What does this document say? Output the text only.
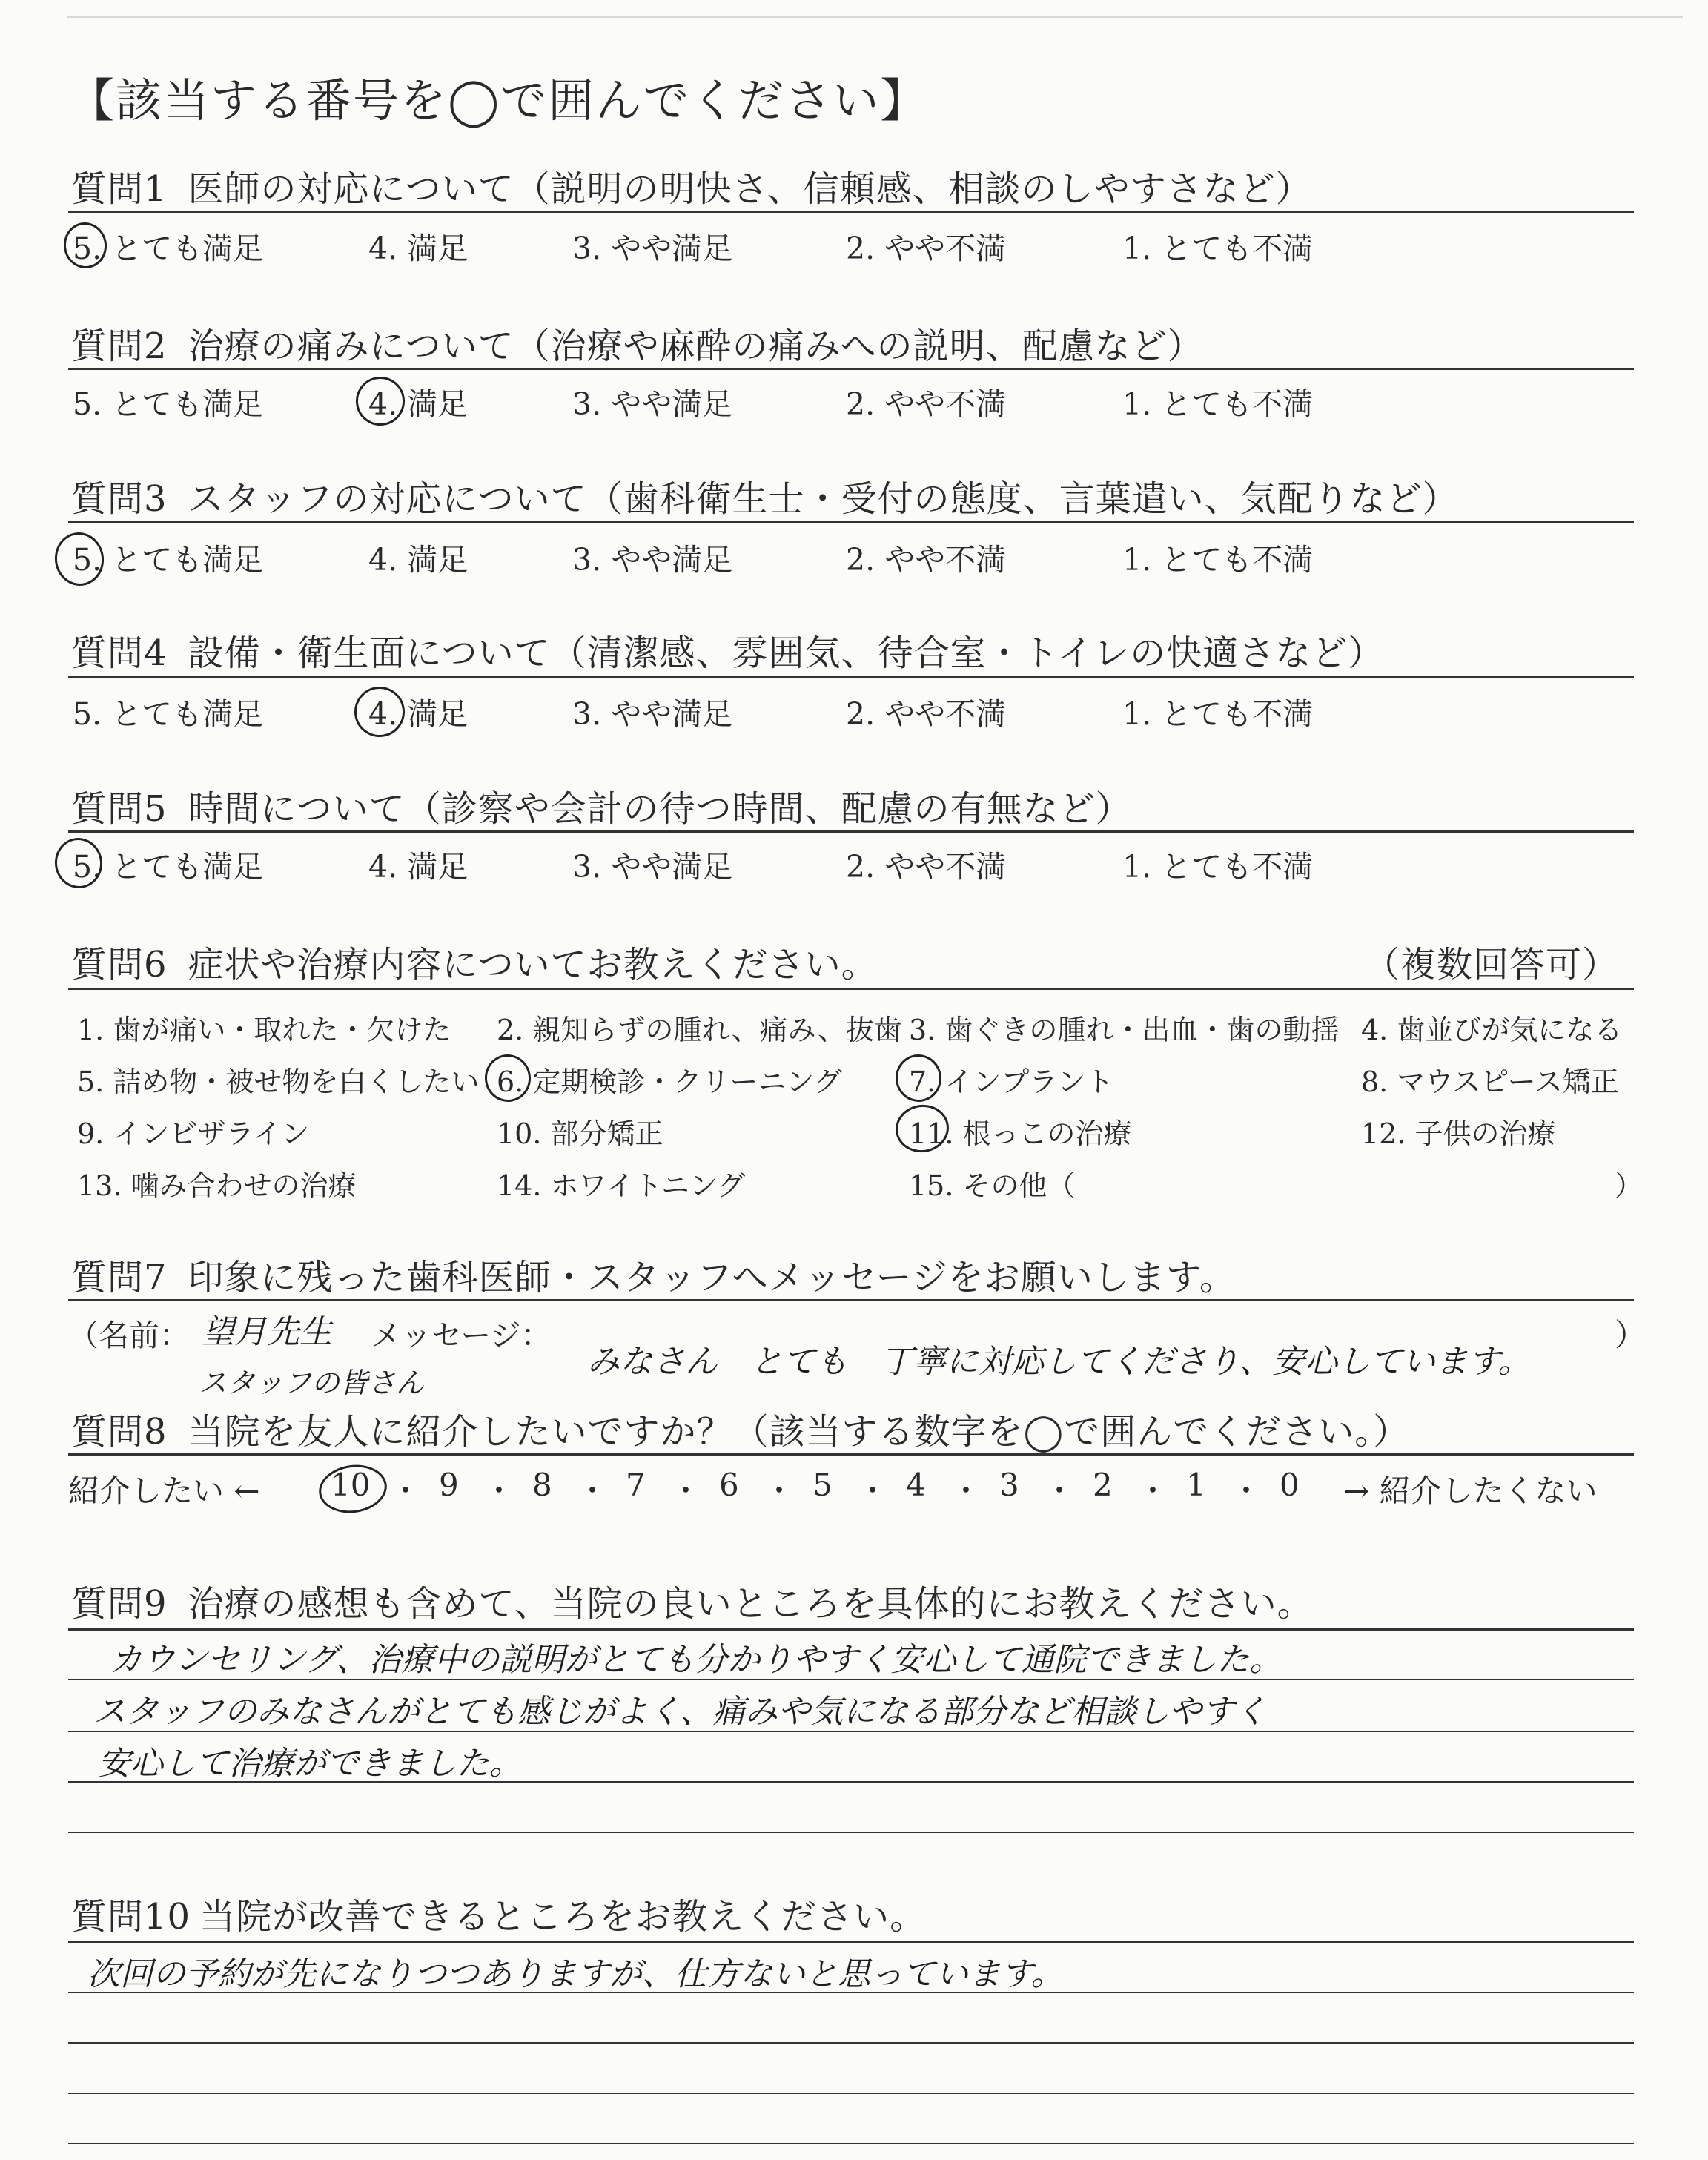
【該当する番号を◯で囲んでください】
質問1 医師の対応について（説明の明快さ、信頼感、相談のしやすさなど）
5. とても満足	4. 満足	3. やや満足	2. やや不満	1. とても不満
質問2 治療の痛みについて（治療や麻酔の痛みへの説明、配慮など）
5. とても満足	4. 満足	3. やや満足	2. やや不満	1. とても不満
質問3 スタッフの対応について（歯科衛生士・受付の態度、言葉遣い、気配りなど）
5. とても満足	4. 満足	3. やや満足	2. やや不満	1. とても不満
質問4 設備・衛生面について（清潔感、雰囲気、待合室・トイレの快適さなど）
5. とても満足	4. 満足	3. やや満足	2. やや不満	1. とても不満
質問5 時間について（診察や会計の待つ時間、配慮の有無など）
5. とても満足	4. 満足	3. やや満足	2. やや不満	1. とても不満
質問6 症状や治療内容についてお教えください。	（複数回答可）
1. 歯が痛い・取れた・欠けた 2. 親知らずの腫れ、痛み、抜歯 3. 歯ぐきの腫れ・出血・歯の動揺 4. 歯並びが気になる
5. 詰め物・被せ物を白くしたい 6. 定期検診・クリーニング 7. インプラント	8. マウスピース矯正
9. インビザライン	10. 部分矯正	11. 根っこの治療	12. 子供の治療
13. 噛み合わせの治療	14. ホワイトニング	15. その他（	）
質問7 印象に残った歯科医師・スタッフへメッセージをお願いします。
（名前： 望月先生
スタッフの皆さん
メッセージ：
みなさん　とても　丁寧に対応してくださり、安心しています。
）
質問8 当院を友人に紹介したいですか？（該当する数字を◯で囲んでください。）
紹介したい ← 10 ・ 9 ・ 8 ・ 7 ・ 6 ・ 5 ・ 4 ・ 3 ・ 2 ・ 1 ・ 0 → 紹介したくない
質問9 治療の感想も含めて、当院の良いところを具体的にお教えください。
カウンセリング、治療中の説明がとても分かりやすく安心して通院できました。
スタッフのみなさんがとても感じがよく、痛みや気になる部分など相談しやすく
安心して治療ができました。
質問10 当院が改善できるところをお教えください。
次回の予約が先になりつつありますが、仕方ないと思っています。
